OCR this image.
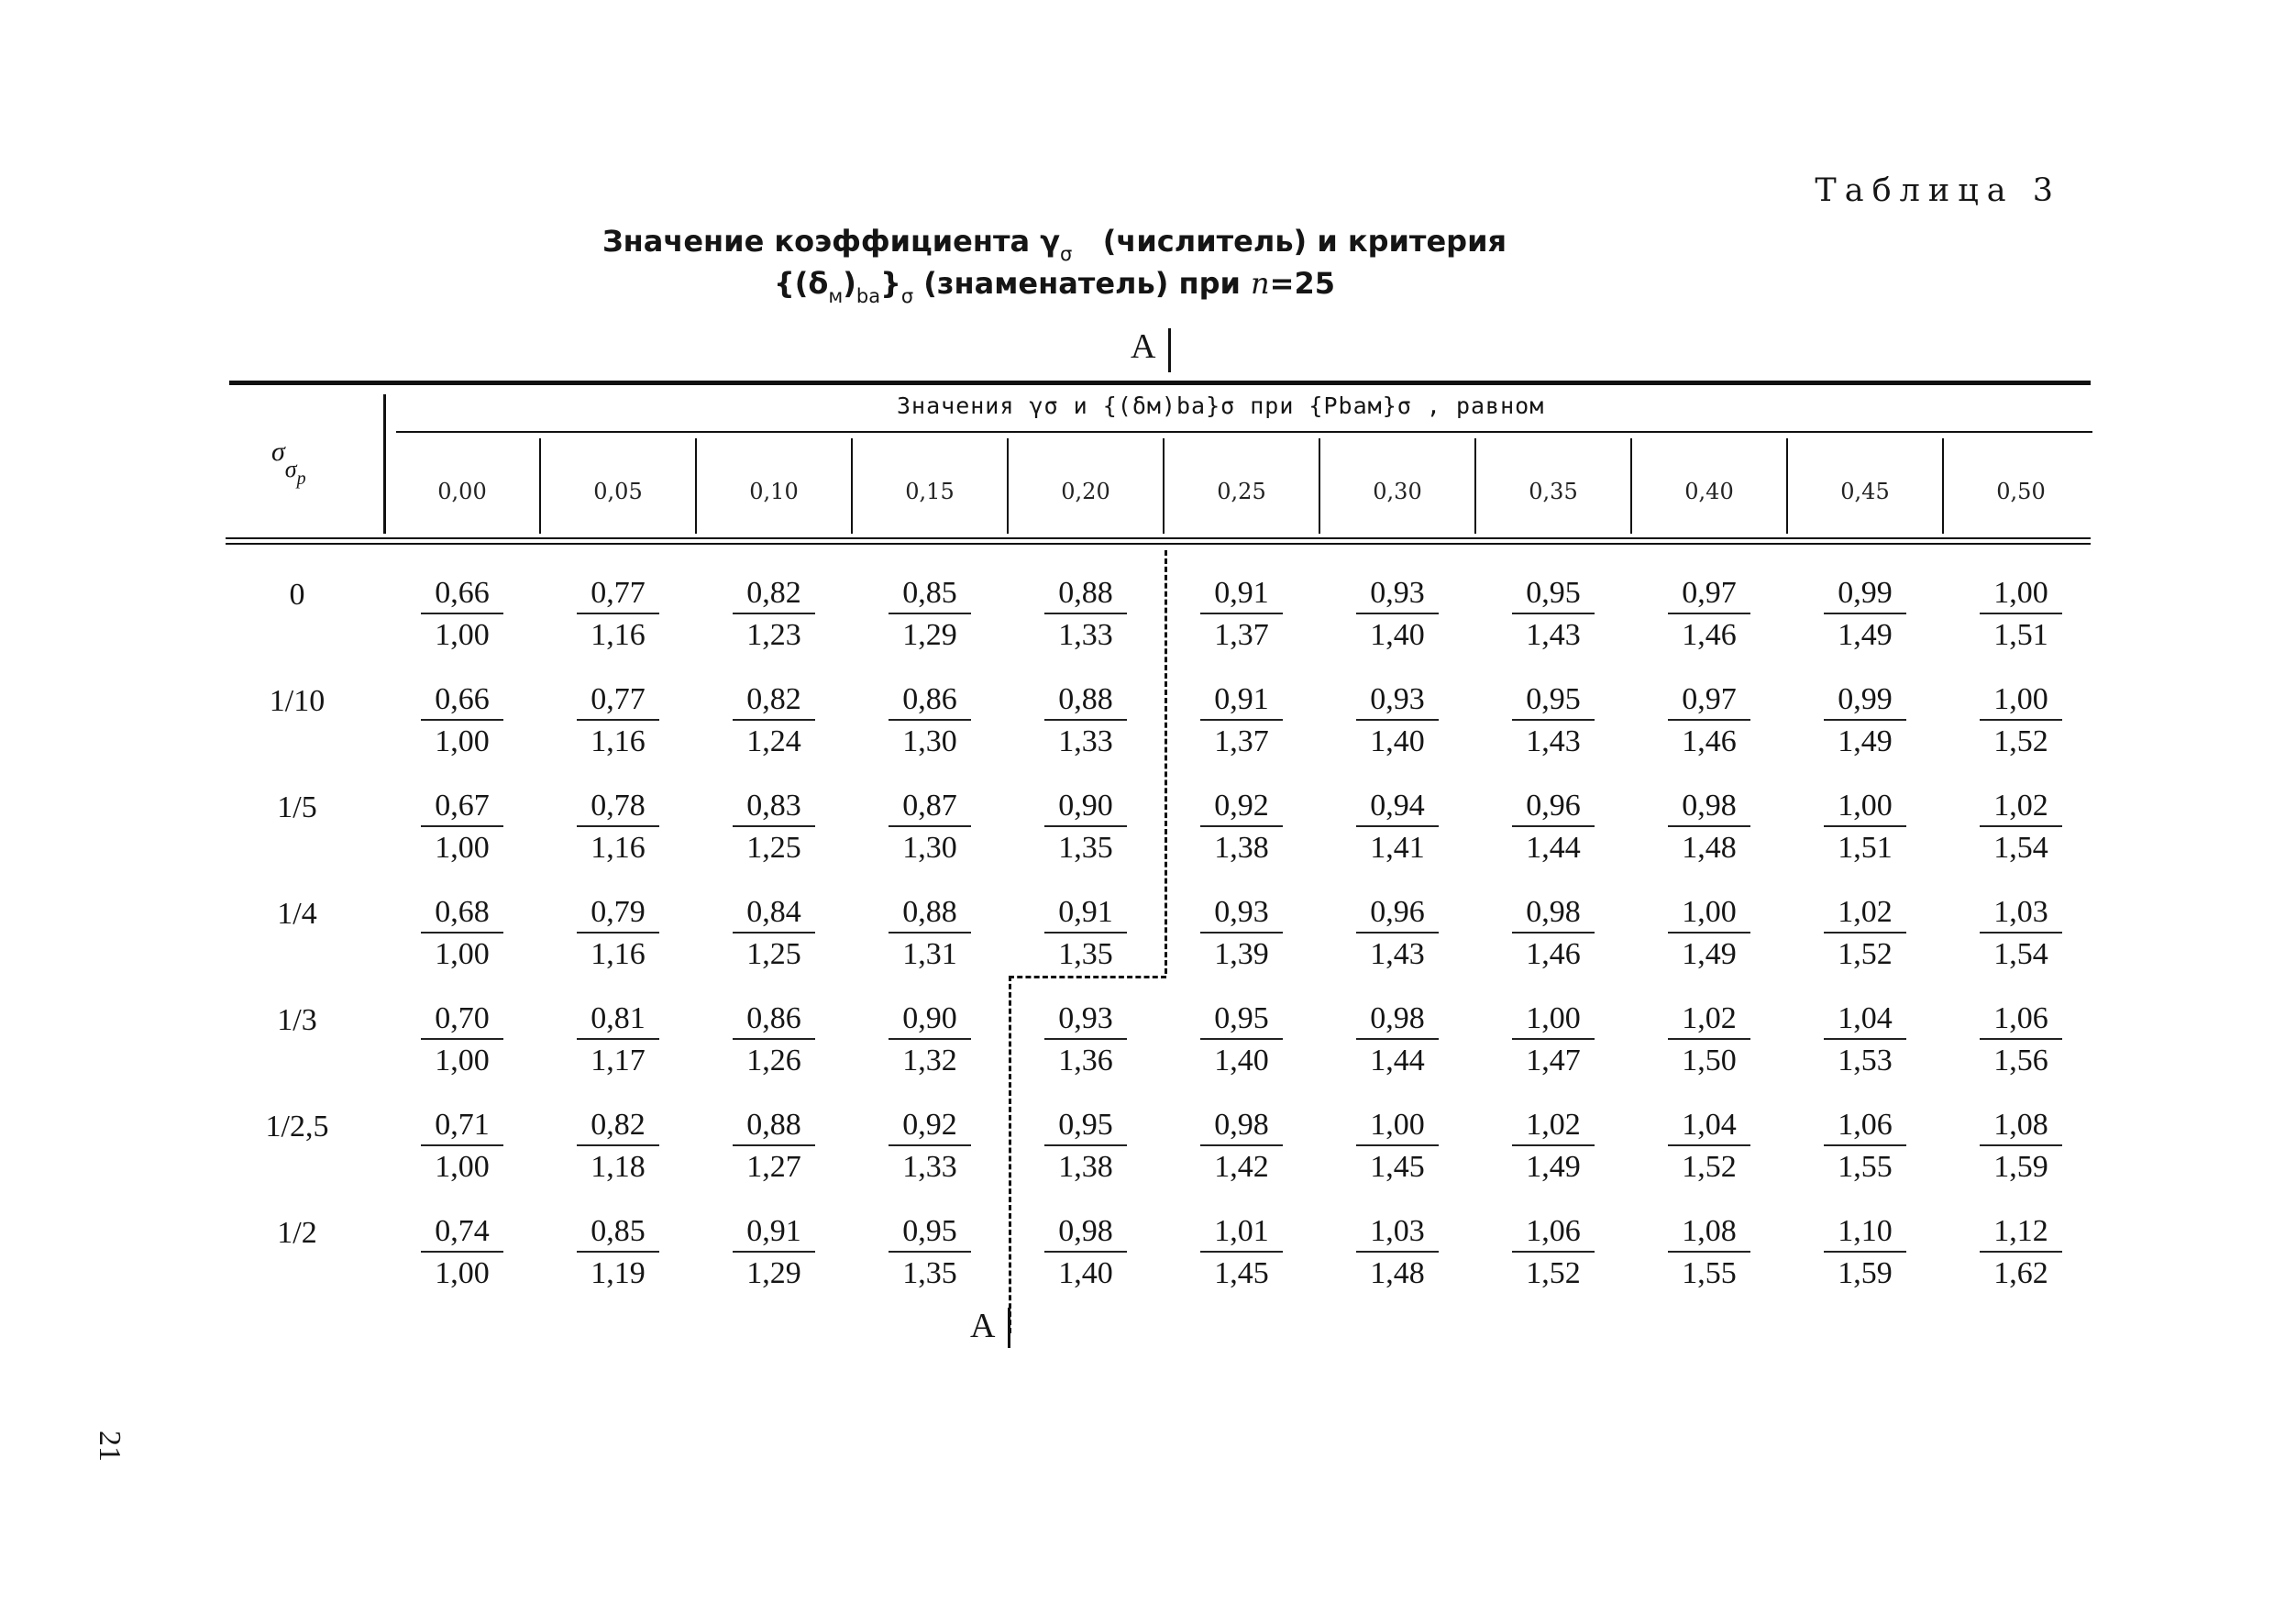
Таблица 3
Значение коэффициента $\gamma_\sigma$ (числитель) и критерия
$\{(\delta_м)_{ba}\}_\sigma$ (знаменатель) при n=25
А
Значения γσ и {(δм)ba}σ при {Pbaм}σ , равном
$\sigma\sigma_p$	0,00	0,05	0,10	0,15	0,20	0,25	0,30	0,35	0,40	0,45	0,50
0	$\frac{0,66}{1,00} \frac{0,77}{1,16} \frac{0,82}{1,23} \frac{0,85}{1,29} \frac{0,88}{1,33} \frac{0,91}{1,37} \frac{0,93}{1,40} \frac{0,95}{1,43} \frac{0,97}{1,46} \frac{0,99}{1,49} \frac{1,00}{1,51}$
1/10	$\frac{0,66}{1,00} \frac{0,77}{1,16} \frac{0,82}{1,24} \frac{0,86}{1,30} \frac{0,88}{1,33} \frac{0,91}{1,37} \frac{0,93}{1,40} \frac{0,95}{1,43} \frac{0,97}{1,46} \frac{0,99}{1,49} \frac{1,00}{1,52}$
1/5	$\frac{0,67}{1,00} \frac{0,78}{1,16} \frac{0,83}{1,25} \frac{0,87}{1,30} \frac{0,90}{1,35} \frac{0,92}{1,38} \frac{0,94}{1,41} \frac{0,96}{1,44} \frac{0,98}{1,48} \frac{1,00}{1,51} \frac{1,02}{1,54}$
1/4	$\frac{0,68}{1,00} \frac{0,79}{1,16} \frac{0,84}{1,25} \frac{0,88}{1,31} \frac{0,91}{1,35} \frac{0,93}{1,39} \frac{0,96}{1,43} \frac{0,98}{1,46} \frac{1,00}{1,49} \frac{1,02}{1,52} \frac{1,03}{1,54}$
1/3	$\frac{0,70}{1,00} \frac{0,81}{1,17} \frac{0,86}{1,26} \frac{0,90}{1,32} \frac{0,93}{1,36} \frac{0,95}{1,40} \frac{0,98}{1,44} \frac{1,00}{1,47} \frac{1,02}{1,50} \frac{1,04}{1,53} \frac{1,06}{1,56}$
1/2,5	$\frac{0,71}{1,00} \frac{0,82}{1,18} \frac{0,88}{1,27} \frac{0,92}{1,33} \frac{0,95}{1,38} \frac{0,98}{1,42} \frac{1,00}{1,45} \frac{1,02}{1,49} \frac{1,04}{1,52} \frac{1,06}{1,55} \frac{1,08}{1,59}$
1/2	$\frac{0,74}{1,00} \frac{0,85}{1,19} \frac{0,91}{1,29} \frac{0,95}{1,35} \frac{0,98}{1,40} \frac{1,01}{1,45} \frac{1,03}{1,48} \frac{1,06}{1,52} \frac{1,08}{1,55} \frac{1,10}{1,59} \frac{1,12}{1,62}$
А
21
